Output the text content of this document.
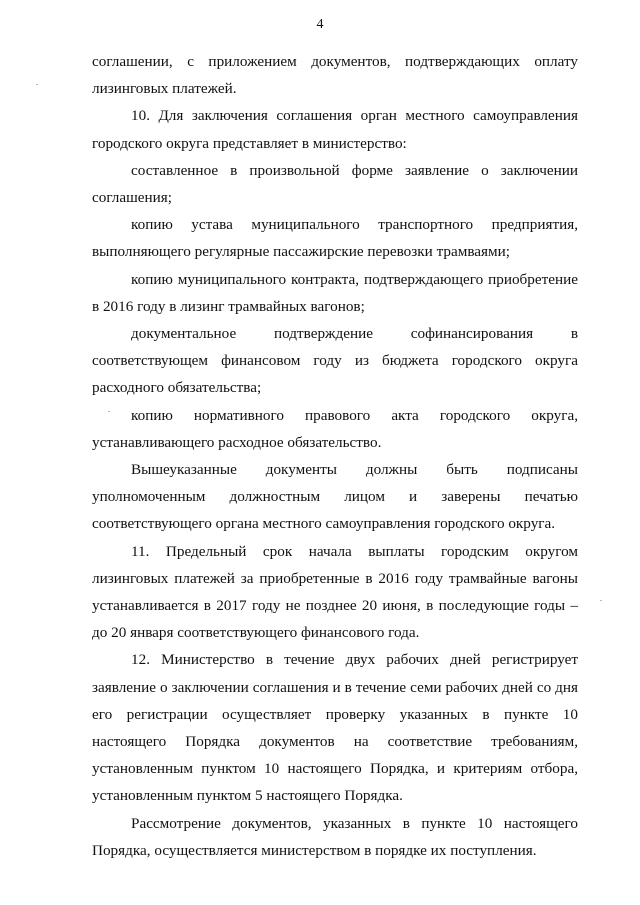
4

соглашении, с приложением документов, подтверждающих оплату лизинговых платежей.

10. Для заключения соглашения орган местного самоуправления городского округа представляет в министерство:

составленное в произвольной форме заявление о заключении соглашения;

копию устава муниципального транспортного предприятия, выполняющего регулярные пассажирские перевозки трамваями;

копию муниципального контракта, подтверждающего приобретение в 2016 году в лизинг трамвайных вагонов;

документальное подтверждение софинансирования в соответствующем финансовом году из бюджета городского округа расходного обязательства;

копию нормативного правового акта городского округа, устанавливающего расходное обязательство.

Вышеуказанные документы должны быть подписаны уполномоченным должностным лицом и заверены печатью соответствующего органа местного самоуправления городского округа.

11. Предельный срок начала выплаты городским округом лизинговых платежей за приобретенные в 2016 году трамвайные вагоны устанавливается в 2017 году не позднее 20 июня, в последующие годы – до 20 января соответствующего финансового года.

12. Министерство в течение двух рабочих дней регистрирует заявление о заключении соглашения и в течение семи рабочих дней со дня его регистрации осуществляет проверку указанных в пункте 10 настоящего Порядка документов на соответствие требованиям, установленным пунктом 10 настоящего Порядка, и критериям отбора, установленным пунктом 5 настоящего Порядка.

Рассмотрение документов, указанных в пункте 10 настоящего Порядка, осуществляется министерством в порядке их поступления.
